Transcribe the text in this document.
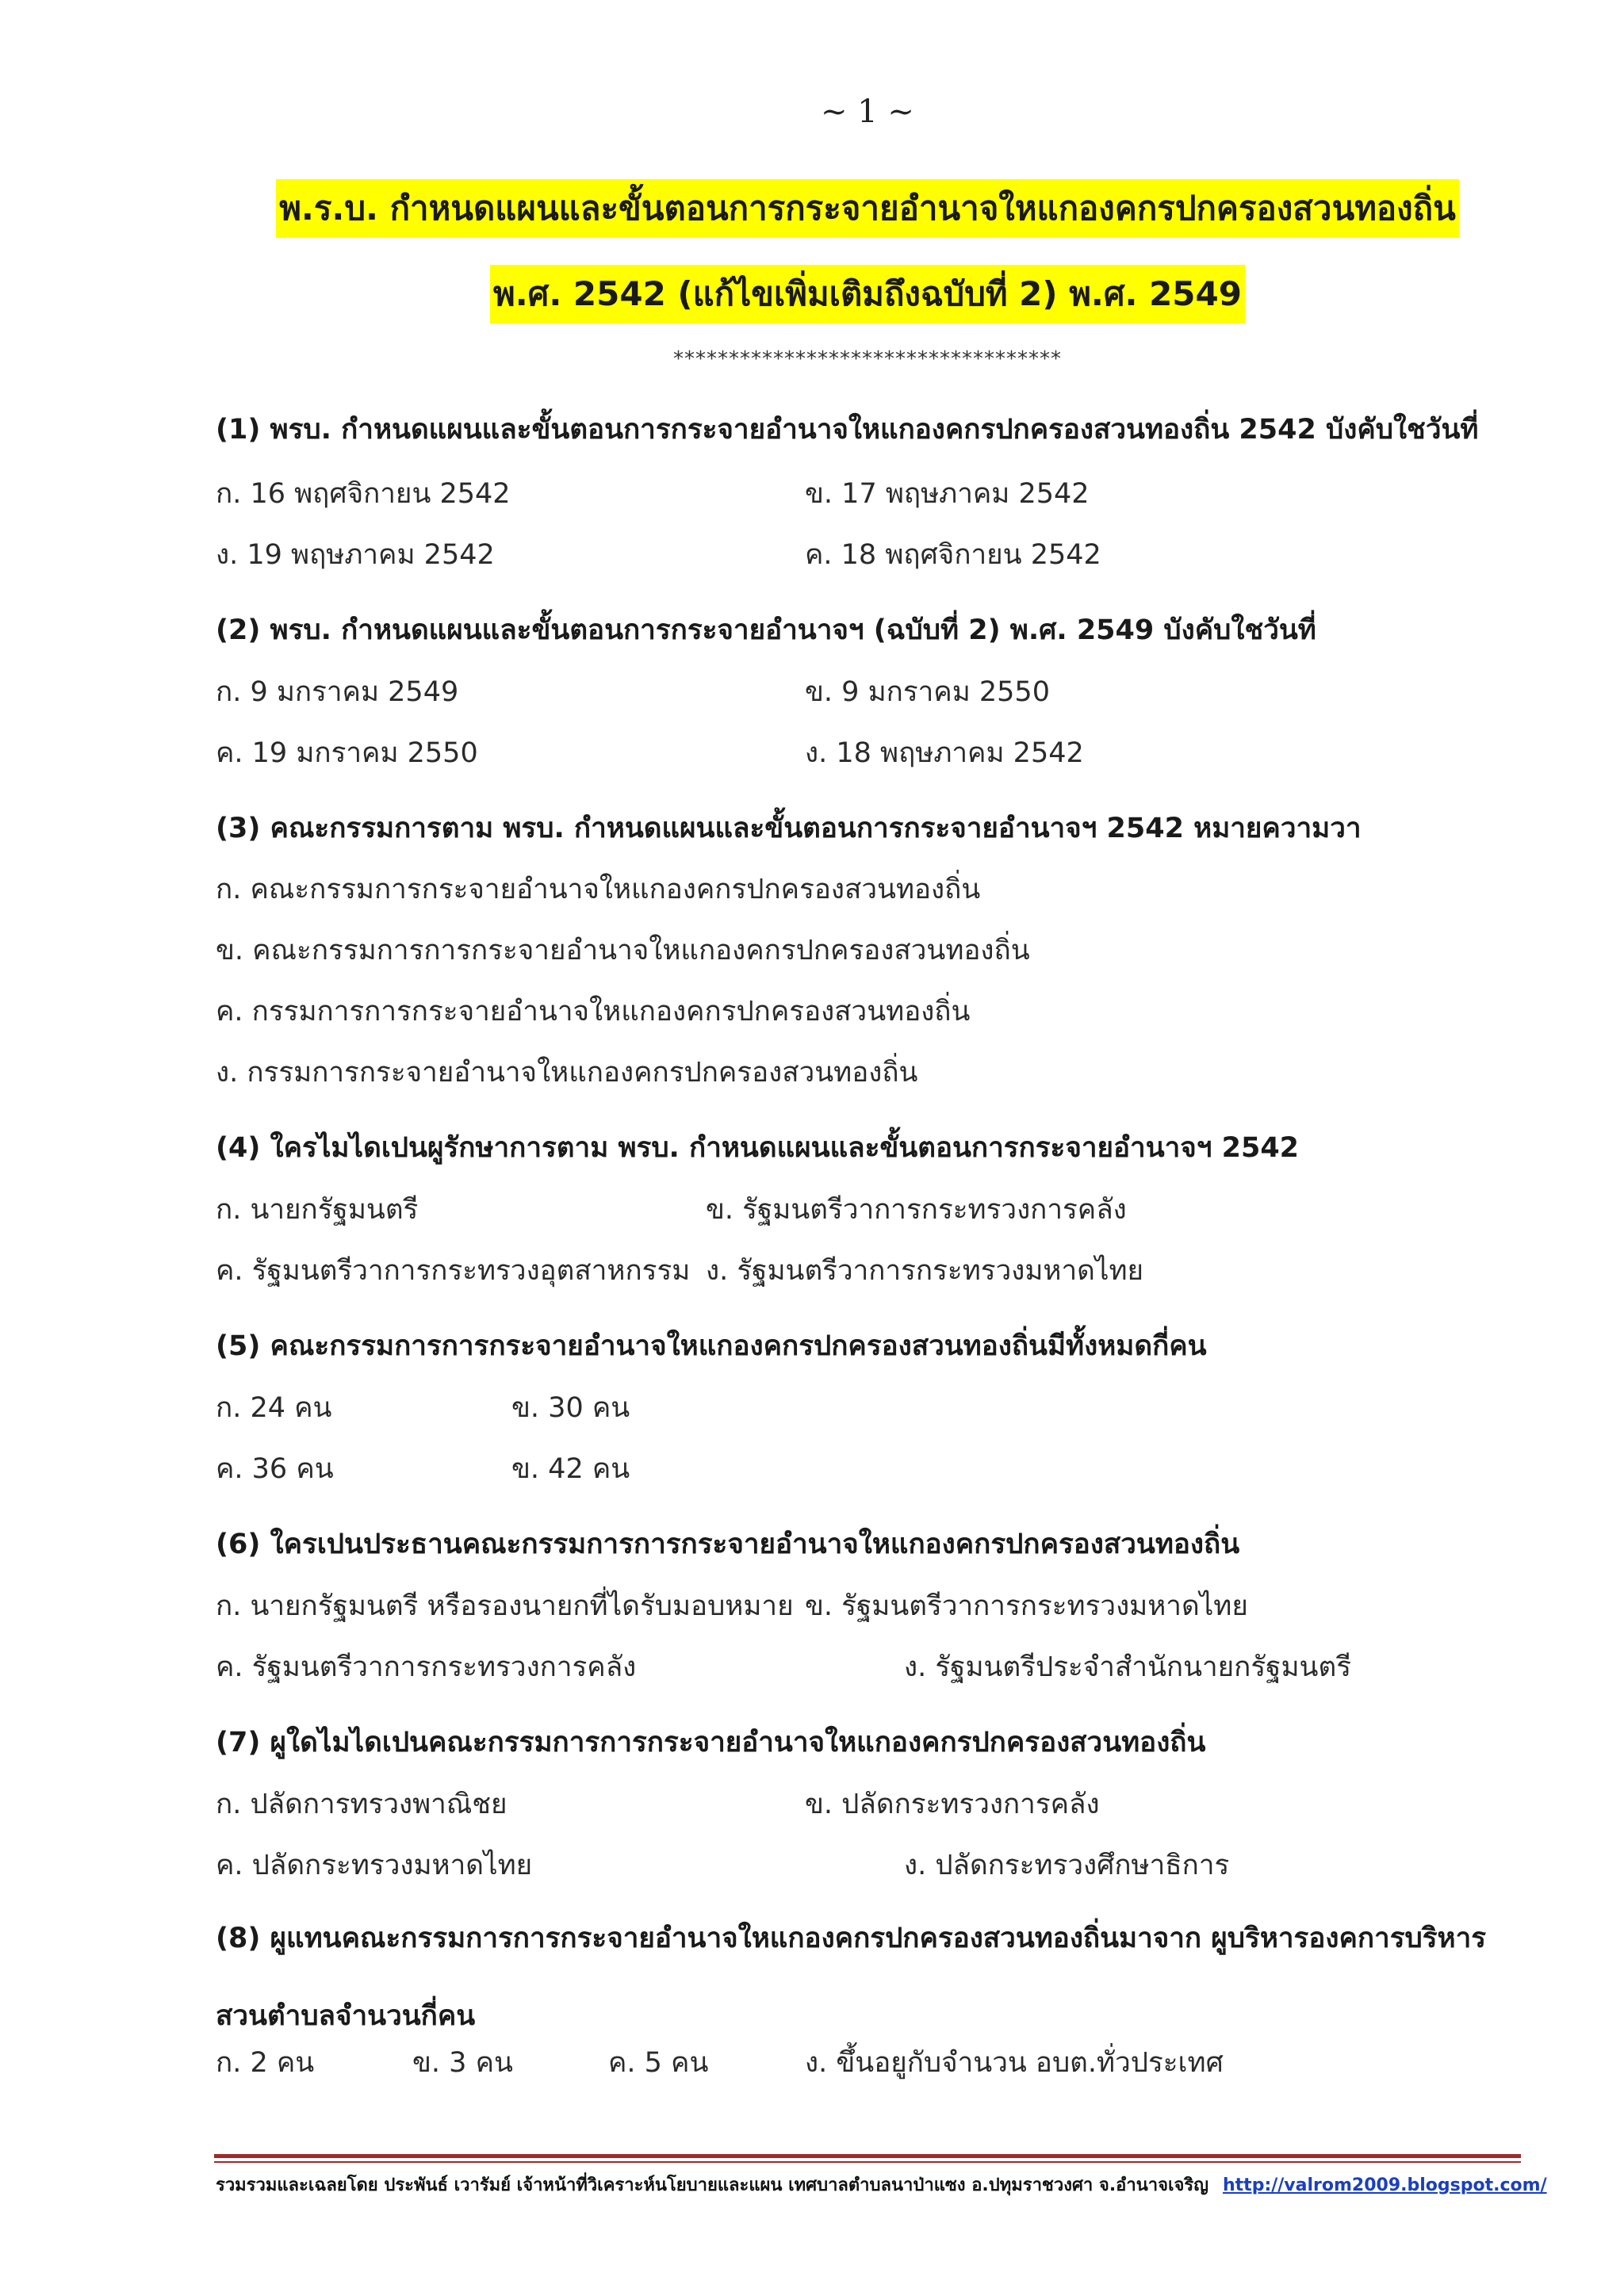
~ 1 ~
พ.ร.บ. กำหนดแผนและขั้นตอนการกระจายอำนาจใหแกองคกรปกครองสวนทองถิ่น
พ.ศ. 2542 (แก้ไขเพิ่มเติมถึงฉบับที่ 2) พ.ศ. 2549
***********************************
(1) พรบ. กำหนดแผนและขั้นตอนการกระจายอำนาจใหแกองคกรปกครองสวนทองถิ่น 2542 บังคับใชวันที่
ก. 16 พฤศจิกายน 2542	ข. 17 พฤษภาคม 2542
ง. 19 พฤษภาคม 2542	ค. 18 พฤศจิกายน 2542
(2) พรบ. กำหนดแผนและขั้นตอนการกระจายอำนาจฯ (ฉบับที่ 2) พ.ศ. 2549 บังคับใชวันที่
ก. 9 มกราคม 2549	ข. 9 มกราคม 2550
ค. 19 มกราคม 2550	ง. 18 พฤษภาคม 2542
(3) คณะกรรมการตาม พรบ. กำหนดแผนและขั้นตอนการกระจายอำนาจฯ 2542 หมายความวา
ก. คณะกรรมการกระจายอำนาจใหแกองคกรปกครองสวนทองถิ่น
ข. คณะกรรมการการกระจายอำนาจใหแกองคกรปกครองสวนทองถิ่น
ค. กรรมการการกระจายอำนาจใหแกองคกรปกครองสวนทองถิ่น
ง. กรรมการกระจายอำนาจใหแกองคกรปกครองสวนทองถิ่น
(4) ใครไมไดเปนผูรักษาการตาม พรบ. กำหนดแผนและขั้นตอนการกระจายอำนาจฯ 2542
ก. นายกรัฐมนตรี	ข. รัฐมนตรีวาการกระทรวงการคลัง
ค. รัฐมนตรีวาการกระทรวงอุตสาหกรรม ง. รัฐมนตรีวาการกระทรวงมหาดไทย
(5) คณะกรรมการการกระจายอำนาจใหแกองคกรปกครองสวนทองถิ่นมีทั้งหมดกี่คน
ก. 24 คน	ข. 30 คน
ค. 36 คน	ข. 42 คน
(6) ใครเปนประธานคณะกรรมการการกระจายอำนาจใหแกองคกรปกครองสวนทองถิ่น
ก. นายกรัฐมนตรี หรือรองนายกที่ไดรับมอบหมาย ข. รัฐมนตรีวาการกระทรวงมหาดไทย
ค. รัฐมนตรีวาการกระทรวงการคลัง	ง. รัฐมนตรีประจำสำนักนายกรัฐมนตรี
(7) ผูใดไมไดเปนคณะกรรมการการกระจายอำนาจใหแกองคกรปกครองสวนทองถิ่น
ก. ปลัดการทรวงพาณิชย	ข. ปลัดกระทรวงการคลัง
ค. ปลัดกระทรวงมหาดไทย	ง. ปลัดกระทรวงศึกษาธิการ
(8) ผูแทนคณะกรรมการการกระจายอำนาจใหแกองคกรปกครองสวนทองถิ่นมาจาก ผูบริหารองคการบริหารสวนตำบลจำนวนกี่คน
ก. 2 คน	ข. 3 คน	ค. 5 คน	ง. ขึ้นอยูกับจำนวน อบต.ทั่วประเทศ
รวมรวมและเฉลยโดย ประพันธ์ เวารัมย์ เจ้าหน้าที่วิเคราะห์นโยบายและแผน เทศบาลตำบลนาป่าแซง อ.ปทุมราชวงศา จ.อำนาจเจริญ http://valrom2009.blogspot.com/
